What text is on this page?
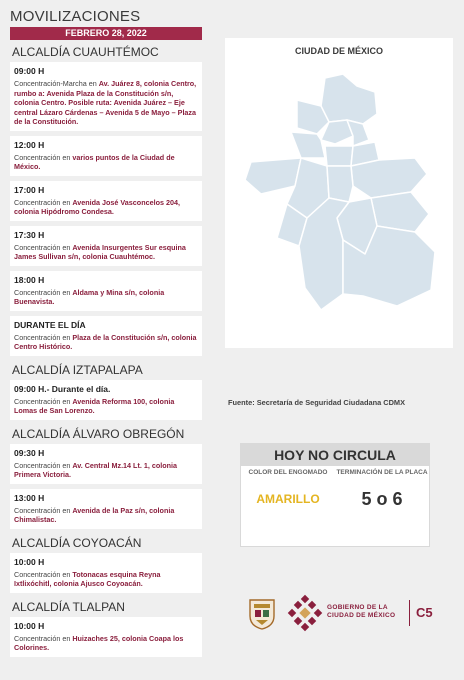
MOVILIZACIONES
FEBRERO 28, 2022
ALCALDÍA CUAUHTÉMOC
09:00 H
Concentración-Marcha en Av. Juárez 8, colonia Centro, rumbo a: Avenida Plaza de la Constitución s/n, colonia Centro. Posible ruta: Avenida Juárez – Eje central Lázaro Cárdenas – Avenida 5 de Mayo – Plaza de la Constitución.
12:00 H
Concentración en varios puntos de la Ciudad de México.
17:00 H
Concentración en Avenida José Vasconcelos 204, colonia Hipódromo Condesa.
17:30 H
Concentración en Avenida Insurgentes Sur esquina James Sullivan s/n, colonia Cuauhtémoc.
18:00 H
Concentración en Aldama y Mina s/n, colonia Buenavista.
DURANTE EL DÍA
Concentración en Plaza de la Constitución s/n, colonia Centro Histórico.
ALCALDÍA IZTAPALAPA
09:00 H.- Durante el día.
Concentración en Avenida Reforma 100, colonia Lomas de San Lorenzo.
ALCALDÍA ÁLVARO OBREGÓN
09:30 H
Concentración en Av. Central Mz.14 Lt. 1, colonia Primera Victoria.
13:00 H
Concentración en Avenida de la Paz s/n, colonia Chimalistac.
ALCALDÍA COYOACÁN
10:00 H
Concentración en Totonacas esquina Reyna Ixtlixóchitl, colonia Ajusco Coyoacán.
ALCALDÍA TLALPAN
10:00 H
Concentración en Huizaches 25, colonia Coapa los Colorines.
CIUDAD DE MÉXICO
Fuente: Secretaría de Seguridad Ciudadana CDMX
HOY NO CIRCULA
COLOR DEL ENGOMADO	TERMINACIÓN DE LA PLACA
AMARILLO	5 o 6
GOBIERNO DE LA
CIUDAD DE MÉXICO C5
